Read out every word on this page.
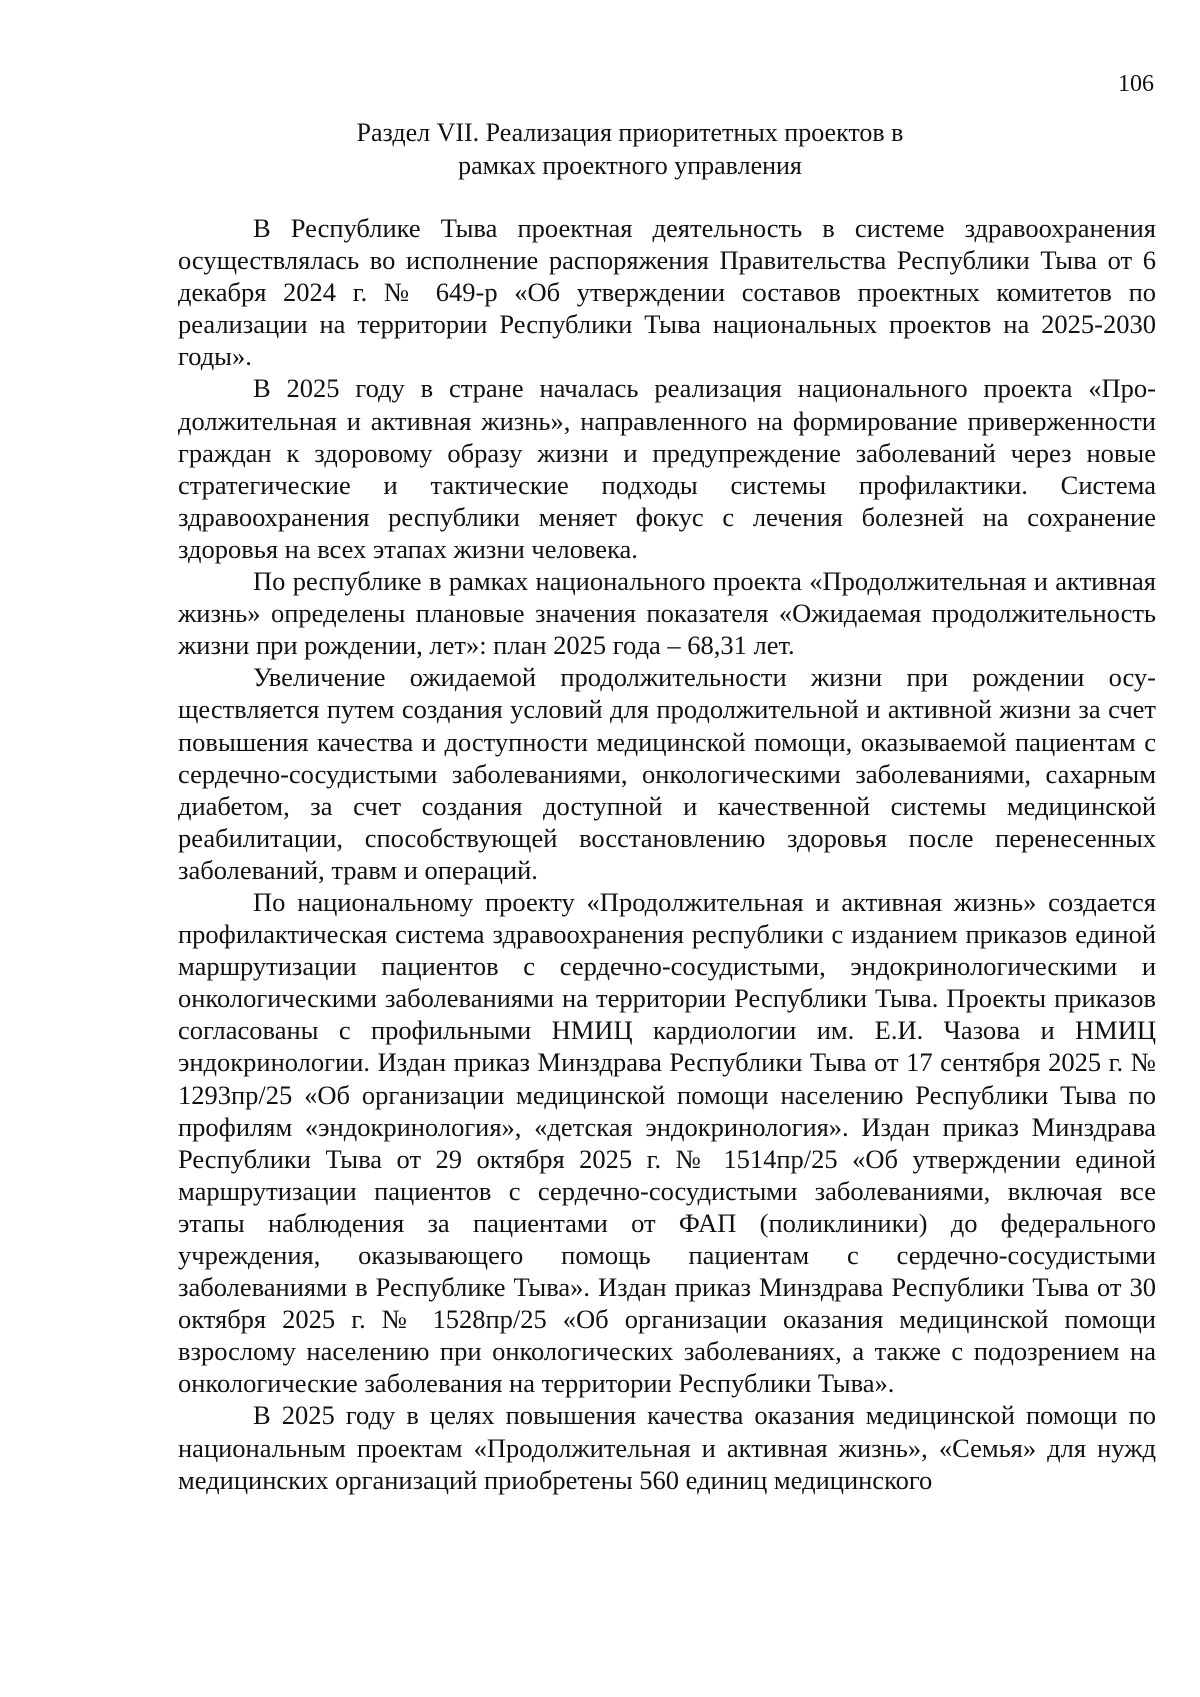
106
Раздел VII. Реализация приоритетных проектов в
рамках проектного управления

В Республике Тыва проектная деятельность в системе здравоохранения осуществлялась во исполнение распоряжения Правительства Республики Тыва от 6 декабря 2024 г. № 649-р «Об утверждении составов проектных комитетов по реализации на территории Республики Тыва национальных проектов на 2025-2030 годы».

В 2025 году в стране началась реализация национального проекта «Продолжительная и активная жизнь», направленного на формирование приверженности граждан к здоровому образу жизни и предупреждение заболеваний через новые стратегические и тактические подходы системы профилактики. Система здравоохранения республики меняет фокус с лечения болезней на сохранение здоровья на всех этапах жизни человека.

По республике в рамках национального проекта «Продолжительная и активная жизнь» определены плановые значения показателя «Ожидаемая продолжительность жизни при рождении, лет»: план 2025 года – 68,31 лет.

Увеличение ожидаемой продолжительности жизни при рождении осуществляется путем создания условий для продолжительной и активной жизни за счет повышения качества и доступности медицинской помощи, оказываемой пациентам с сердечно-сосудистыми заболеваниями, онкологическими заболеваниями, сахарным диабетом, за счет создания доступной и качественной системы медицинской реабилитации, способствующей восстановлению здоровья после перенесенных заболеваний, травм и операций.

По национальному проекту «Продолжительная и активная жизнь» создается профилактическая система здравоохранения республики с изданием приказов единой маршрутизации пациентов с сердечно-сосудистыми, эндокринологическими и онкологическими заболеваниями на территории Республики Тыва. Проекты приказов согласованы с профильными НМИЦ кардиологии им. Е.И. Чазова и НМИЦ эндокринологии. Издан приказ Минздрава Республики Тыва от 17 сентября 2025 г. № 1293пр/25 «Об организации медицинской помощи населению Республики Тыва по профилям «эндокринология», «детская эндокринология». Издан приказ Минздрава Республики Тыва от 29 октября 2025 г. № 1514пр/25 «Об утверждении единой маршрутизации пациентов с сердечно-сосудистыми заболеваниями, включая все этапы наблюдения за пациентами от ФАП (поликлиники) до федерального учреждения, оказывающего помощь пациентам с сердечно-сосудистыми заболеваниями в Республике Тыва». Издан приказ Минздрава Республики Тыва от 30 октября 2025 г. № 1528пр/25 «Об организации оказания медицинской помощи взрослому населению при онкологических заболеваниях, а также с подозрением на онкологические заболевания на территории Республики Тыва».

В 2025 году в целях повышения качества оказания медицинской помощи по национальным проектам «Продолжительная и активная жизнь», «Семья» для нужд медицинских организаций приобретены 560 единиц медицинского
